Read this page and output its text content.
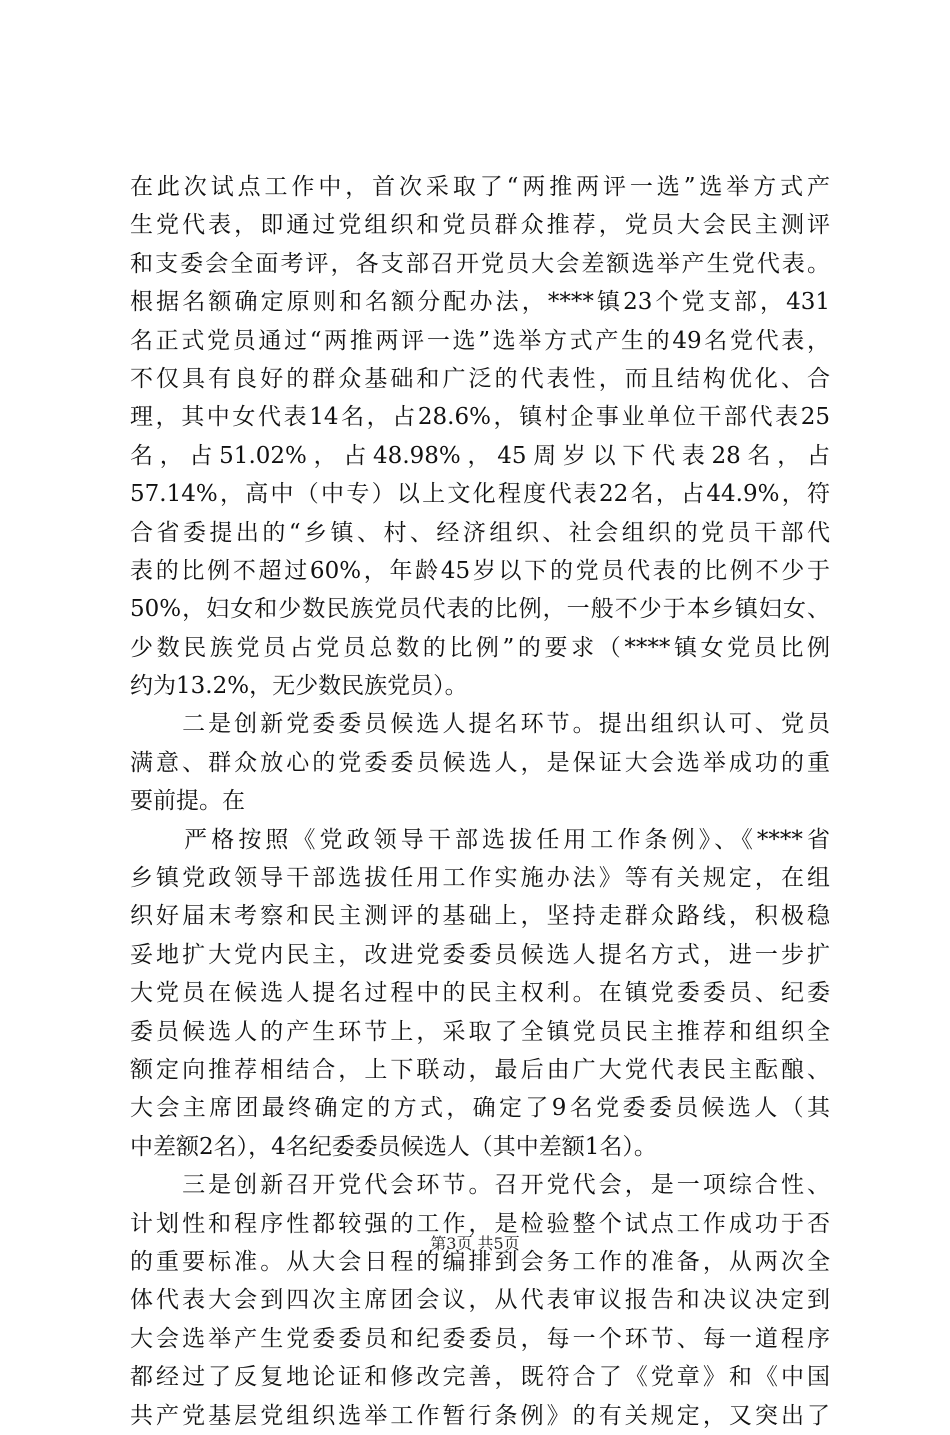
在此次试点工作中，首次采取了“两推两评一选”选举方式产
生党代表，即通过党组织和党员群众推荐，党员大会民主测评
和支委会全面考评，各支部召开党员大会差额选举产生党代表。
根据名额确定原则和名额分配办法，****镇23个党支部，431
名正式党员通过“两推两评一选”选举方式产生的49名党代表，
不仅具有良好的群众基础和广泛的代表性，而且结构优化、合
理，其中女代表14名，占28.6%，镇村企事业单位干部代表25
名，占51.02%，占48.98%，45周岁以下代表28名，占
57.14%，高中（中专）以上文化程度代表22名，占44.9%，符
合省委提出的“乡镇、村、经济组织、社会组织的党员干部代
表的比例不超过60%，年龄45岁以下的党员代表的比例不少于
50%，妇女和少数民族党员代表的比例，一般不少于本乡镇妇女、
少数民族党员占党员总数的比例”的要求（****镇女党员比例
约为13.2%，无少数民族党员）。
　　二是创新党委委员候选人提名环节。提出组织认可、党员
满意、群众放心的党委委员候选人，是保证大会选举成功的重
要前提。在
　　严格按照《党政领导干部选拔任用工作条例》、《****省
乡镇党政领导干部选拔任用工作实施办法》等有关规定，在组
织好届末考察和民主测评的基础上，坚持走群众路线，积极稳
妥地扩大党内民主，改进党委委员候选人提名方式，进一步扩
大党员在候选人提名过程中的民主权利。在镇党委委员、纪委
委员候选人的产生环节上，采取了全镇党员民主推荐和组织全
额定向推荐相结合，上下联动，最后由广大党代表民主酝酿、
大会主席团最终确定的方式，确定了9名党委委员候选人（其
中差额2名），4名纪委委员候选人（其中差额1名）。
　　三是创新召开党代会环节。召开党代会，是一项综合性、
计划性和程序性都较强的工作，是检验整个试点工作成功于否
的重要标准。从大会日程的编排到会务工作的准备，从两次全
体代表大会到四次主席团会议，从代表审议报告和决议决定到
大会选举产生党委委员和纪委委员，每一个环节、每一道程序
都经过了反复地论证和修改完善，既符合了《党章》和《中国
共产党基层党组织选举工作暂行条例》的有关规定，又突出了
第3页 共5页
